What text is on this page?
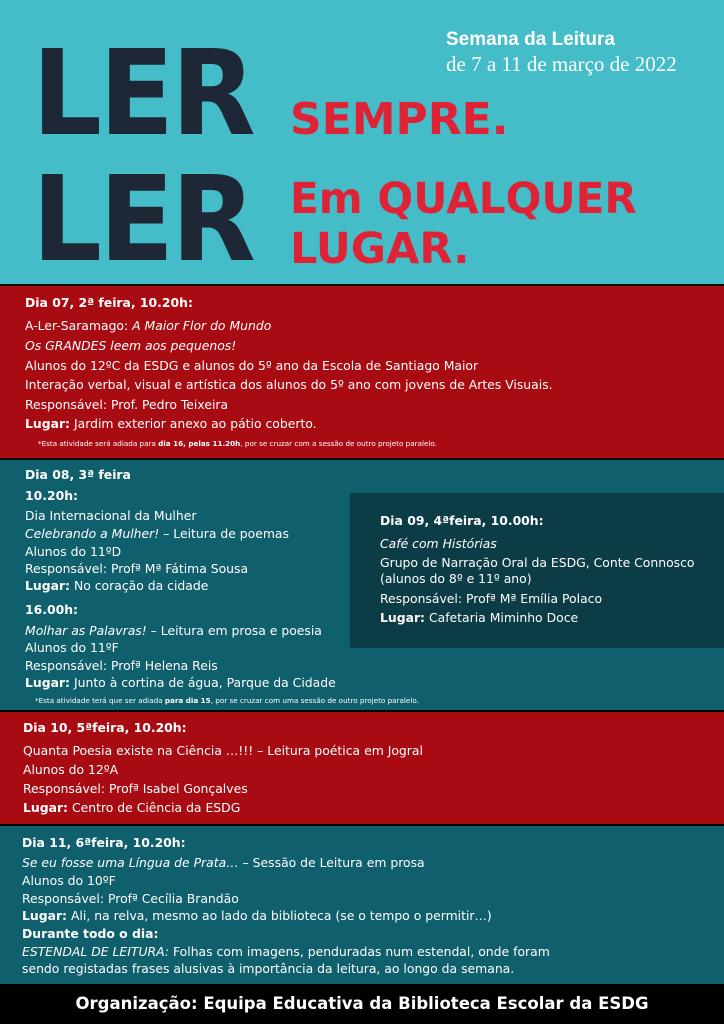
LER
LER
SEMPRE.
Em QUALQUER
LUGAR.
Semana da Leitura
de 7 a 11 de março de 2022
Dia 07, 2ª feira, 10.20h:
A-Ler-Saramago: A Maior Flor do Mundo
Os GRANDES leem aos pequenos!
Alunos do 12ºC da ESDG e alunos do 5º ano da Escola de Santiago Maior
Interação verbal, visual e artística dos alunos do 5º ano com jovens de Artes Visuais.
Responsável: Prof. Pedro Teixeira
Lugar: Jardim exterior anexo ao pátio coberto.
*Esta atividade será adiada para dia 16, pelas 11.20h, por se cruzar com a sessão de outro projeto paralelo.
Dia 08, 3ª feira
10.20h:
Dia Internacional da Mulher
Celebrando a Mulher! – Leitura de poemas
Alunos do 11ºD
Responsável: Profª Mª Fátima Sousa
Lugar: No coração da cidade
16.00h:
Molhar as Palavras! – Leitura em prosa e poesia
Alunos do 11ºF
Responsável: Profª Helena Reis
Lugar: Junto à cortina de água, Parque da Cidade
*Esta atividade terá que ser adiada para dia 15, por se cruzar com uma sessão de outro projeto paralelo.
Dia 09, 4ªfeira, 10.00h:
Café com Histórias
Grupo de Narração Oral da ESDG, Conte Connosco
(alunos do 8º e 11º ano)
Responsável: Profª Mª Emília Polaco
Lugar: Cafetaria Miminho Doce
Dia 10, 5ªfeira, 10.20h:
Quanta Poesia existe na Ciência …!!! – Leitura poética em Jogral
Alunos do 12ºA
Responsável: Profª Isabel Gonçalves
Lugar: Centro de Ciência da ESDG
Dia 11, 6ªfeira, 10.20h:
Se eu fosse uma Língua de Prata… – Sessão de Leitura em prosa
Alunos do 10ºF
Responsável: Profª Cecília Brandão
Lugar: Ali, na relva, mesmo ao lado da biblioteca (se o tempo o permitir…)
Durante todo o dia:
ESTENDAL DE LEITURA: Folhas com imagens, penduradas num estendal, onde foram
sendo registadas frases alusivas à importância da leitura, ao longo da semana.
Organização: Equipa Educativa da Biblioteca Escolar da ESDG
